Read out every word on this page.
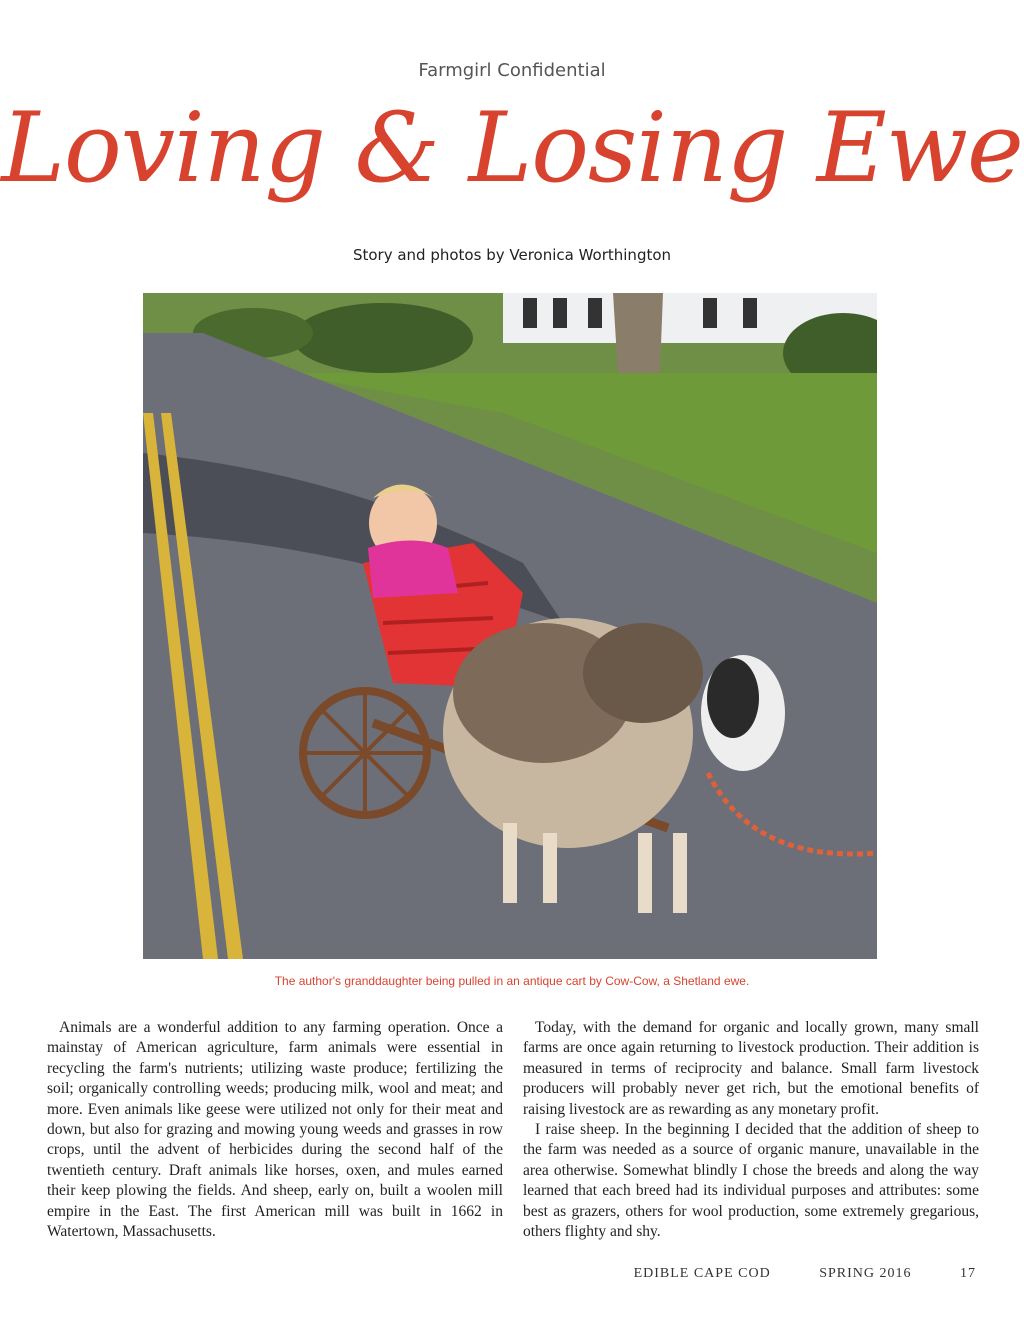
Farmgirl Confidential
Loving & Losing Ewe
Story and photos by Veronica Worthington
The author's granddaughter being pulled in an antique cart by Cow-Cow, a Shetland ewe.

Animals are a wonderful addition to any farming operation. Once a mainstay of American agriculture, farm animals were essential in recycling the farm's nutrients; utilizing waste produce; fertilizing the soil; organically controlling weeds; producing milk, wool and meat; and more. Even animals like geese were utilized not only for their meat and down, but also for grazing and mowing young weeds and grasses in row crops, until the advent of herbicides during the second half of the twentieth century. Draft animals like horses, oxen, and mules earned their keep plowing the fields. And sheep, early on, built a woolen mill empire in the East. The first American mill was built in 1662 in Watertown, Massachusetts.

Today, with the demand for organic and locally grown, many small farms are once again returning to livestock production. Their addition is measured in terms of reciprocity and balance. Small farm livestock producers will probably never get rich, but the emotional benefits of raising livestock are as rewarding as any monetary profit.

I raise sheep. In the beginning I decided that the addition of sheep to the farm was needed as a source of organic manure, unavailable in the area otherwise. Somewhat blindly I chose the breeds and along the way learned that each breed had its individual purposes and attributes: some best as grazers, others for wool production, some extremely gregarious, others flighty and shy.

EDIBLE CAPE COD	SPRING 2016	17
